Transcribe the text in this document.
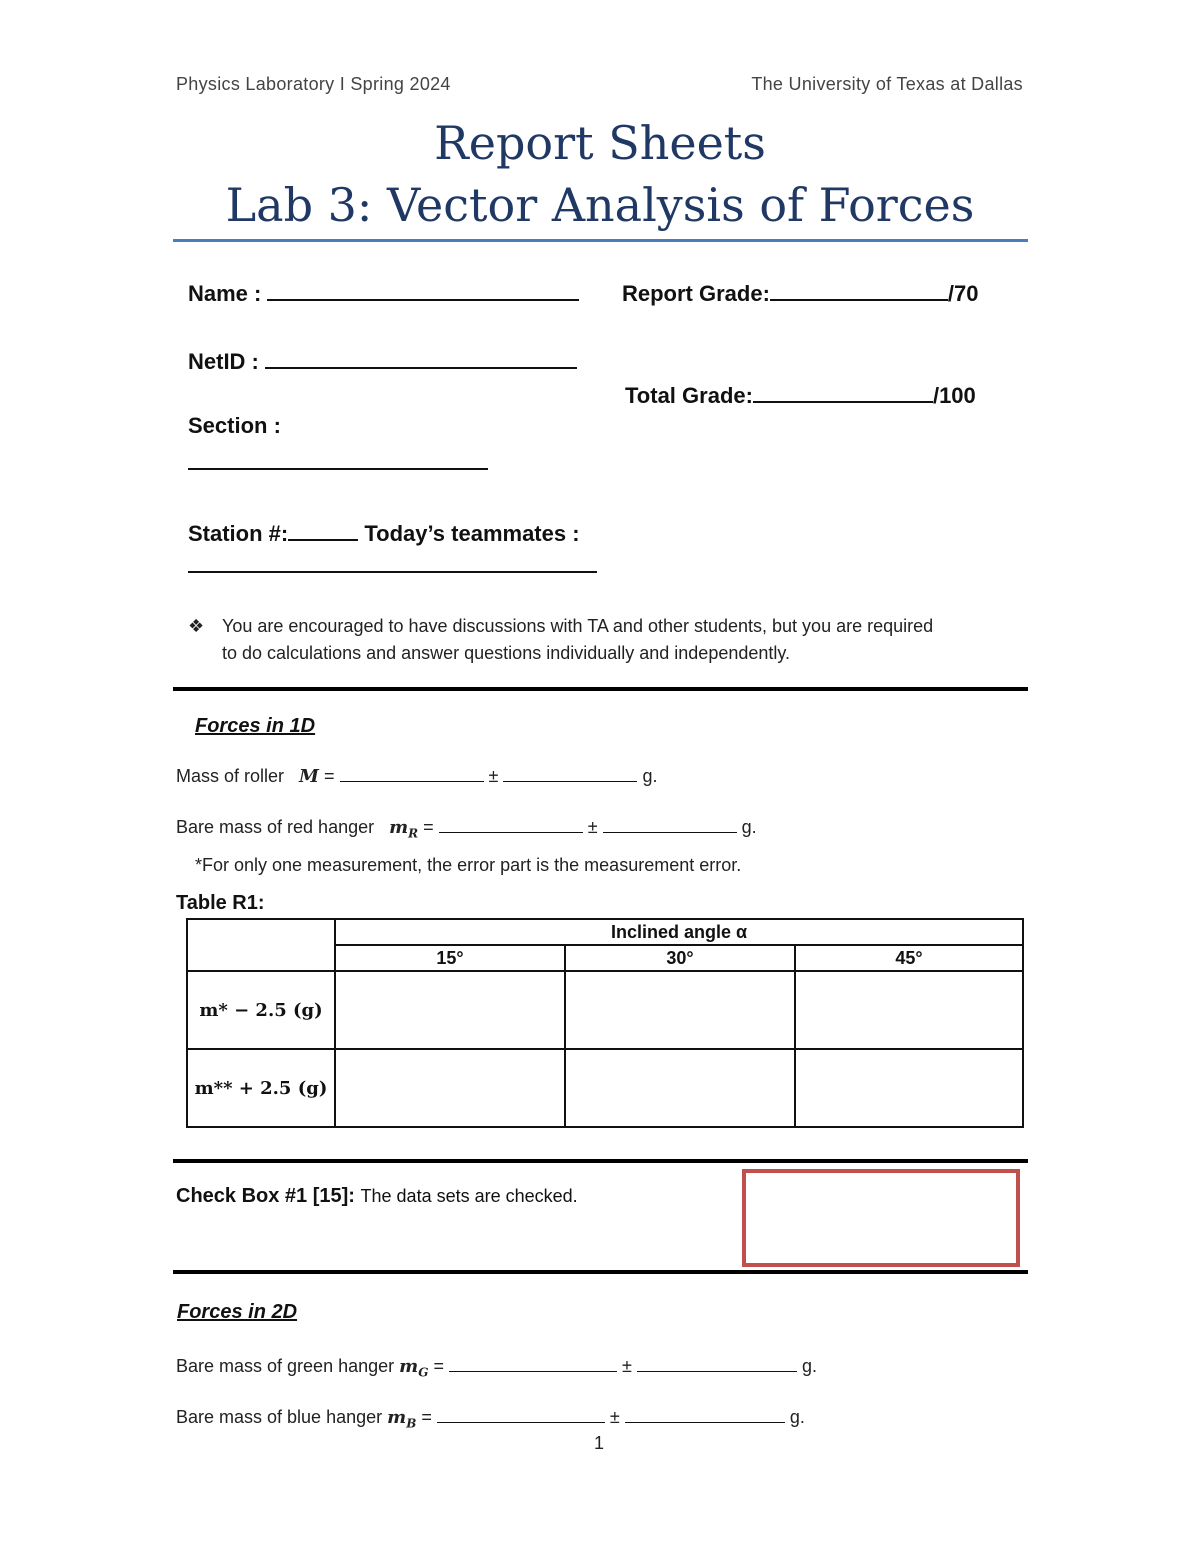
Physics Laboratory I Spring 2024	The University of Texas at Dallas
Report Sheets
Lab 3: Vector Analysis of Forces
Name :
NetID :
Section :
Report Grade:	/70
Total Grade:	/100
Station #:	Today’s teammates :
❖ You are encouraged to have discussions with TA and other students, but you are required
to do calculations and answer questions individually and independently.
Forces in 1D
Mass of roller M =	±	g.
Bare mass of red hanger $m_R$ =	±	g.
*For only one measurement, the error part is the measurement error.
Table R1:
	Inclined angle α		
	15°	30°	45°
m* − 2.5 (g)			
m** + 2.5 (g)			
Check Box #1 [15]: The data sets are checked.
Forces in 2D
Bare mass of green hanger $m_G$ =	±	g.
Bare mass of blue hanger $m_B$ =	±	g.
1
